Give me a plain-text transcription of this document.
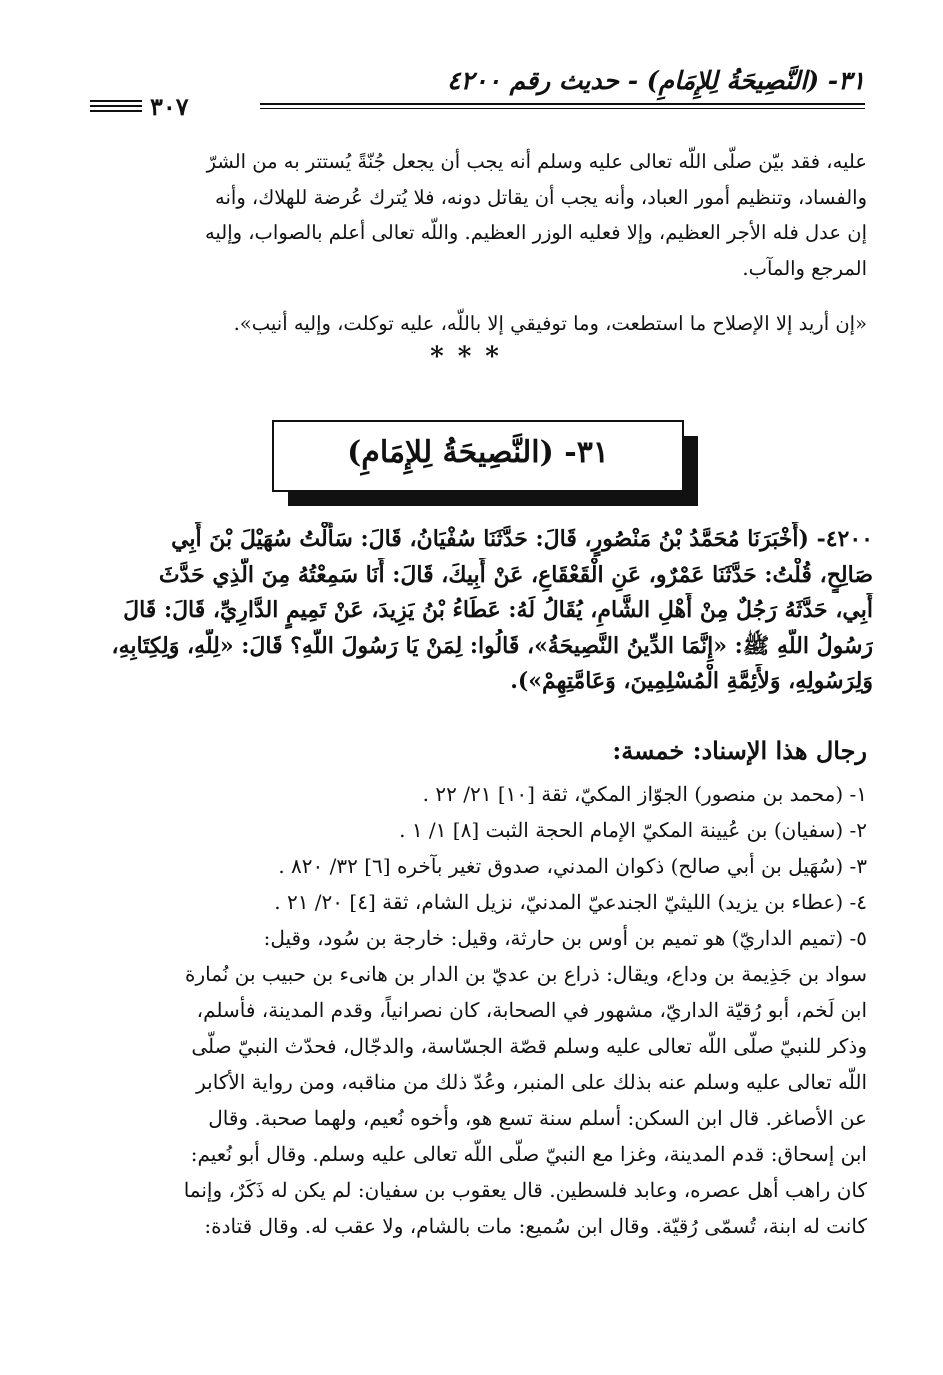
٣١- (النَّصِيحَةُ لِلإِمَامِ) - حديث رقم ٤٢٠٠
٣٠٧
عليه، فقد بيّن صلّى اللّه تعالى عليه وسلم أنه يجب أن يجعل جُنّةً يُستتر به من الشرّ
والفساد، وتنظيم أمور العباد، وأنه يجب أن يقاتل دونه، فلا يُترك عُرضة للهلاك، وأنه
إن عدل فله الأجر العظيم، وإلا فعليه الوزر العظيم. واللّه تعالى أعلم بالصواب، وإليه
المرجع والمآب.
«إن أريد إلا الإصلاح ما استطعت، وما توفيقي إلا باللّه، عليه توكلت، وإليه أنيب».
***
٣١- (النَّصِيحَةُ لِلإِمَامِ)
٤٢٠٠- (أَخْبَرَنَا مُحَمَّدُ بْنُ مَنْصُورٍ، قَالَ: حَدَّثَنَا سُفْيَانُ، قَالَ: سَأَلْتُ سُهَيْلَ بْنَ أَبِي
صَالِحٍ، قُلْتُ: حَدَّثَنَا عَمْرٌو، عَنِ الْقَعْقَاعِ، عَنْ أَبِيكَ، قَالَ: أَنَا سَمِعْتُهُ مِنَ الَّذِي حَدَّثَ
أَبِي، حَدَّثَهُ رَجُلٌ مِنْ أَهْلِ الشَّامِ، يُقَالُ لَهُ: عَطَاءُ بْنُ يَزِيدَ، عَنْ تَمِيمٍ الدَّارِيِّ، قَالَ: قَالَ
رَسُولُ اللَّهِ ﷺ: «إِنَّمَا الدِّينُ النَّصِيحَةُ»، قَالُوا: لِمَنْ يَا رَسُولَ اللَّهِ؟ قَالَ: «لِلَّهِ، وَلِكِتَابِهِ،
وَلِرَسُولِهِ، وَلأَئِمَّةِ الْمُسْلِمِينَ، وَعَامَّتِهِمْ»).
رجال هذا الإسناد: خمسة:
١- (محمد بن منصور) الجوّاز المكيّ، ثقة [١٠] ٢١/ ٢٢ .
٢- (سفيان) بن عُيينة المكيّ الإمام الحجة الثبت [٨] ١/ ١ .
٣- (سُهَيل بن أبي صالح) ذكوان المدني، صدوق تغير بآخره [٦] ٣٢/ ٨٢٠ .
٤- (عطاء بن يزيد) الليثيّ الجندعيّ المدنيّ، نزيل الشام، ثقة [٤] ٢٠/ ٢١ .
٥- (تميم الداريّ) هو تميم بن أوس بن حارثة، وقيل: خارجة بن سُود، وقيل:
سواد بن جَذِيمة بن وداع، ويقال: ذراع بن عديّ بن الدار بن هانىء بن حبيب بن نُمارة
ابن لَخم، أبو رُقيّة الداريّ، مشهور في الصحابة، كان نصرانياً، وقدم المدينة، فأسلم،
وذكر للنبيّ صلّى اللّه تعالى عليه وسلم قصّة الجسّاسة، والدجّال، فحدّث النبيّ صلّى
اللّه تعالى عليه وسلم عنه بذلك على المنبر، وعُدّ ذلك من مناقبه، ومن رواية الأكابر
عن الأصاغر. قال ابن السكن: أسلم سنة تسع هو، وأخوه نُعيم، ولهما صحبة. وقال
ابن إسحاق: قدم المدينة، وغزا مع النبيّ صلّى اللّه تعالى عليه وسلم. وقال أبو نُعيم:
كان راهب أهل عصره، وعابد فلسطين. قال يعقوب بن سفيان: لم يكن له ذَكَرٌ، وإنما
كانت له ابنة، تُسمّى رُقيّة. وقال ابن سُميع: مات بالشام، ولا عقب له. وقال قتادة:
